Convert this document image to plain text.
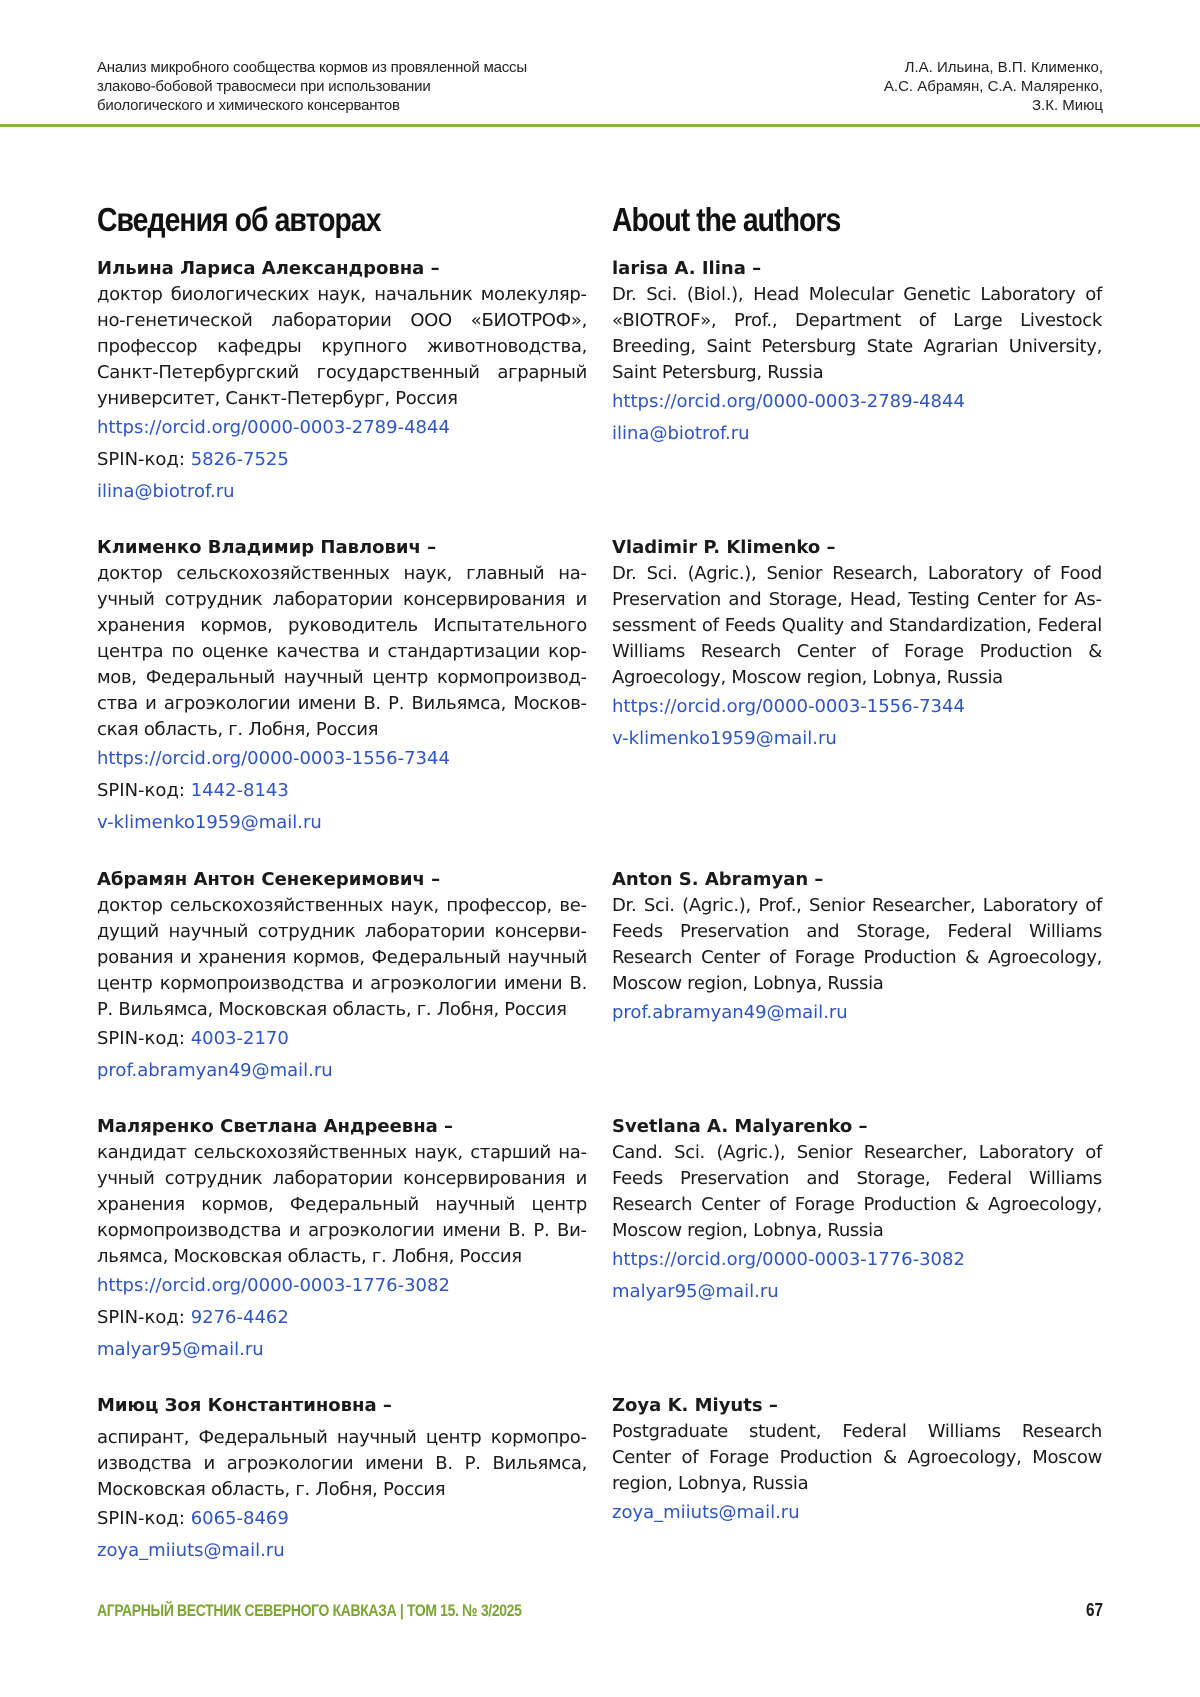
Анализ микробного сообщества кормов из провяленной массы
злаково-бобовой травосмеси при использовании
биологического и химического консервантов
Л.А. Ильина, В.П. Клименко,
А.С. Абрамян, С.А. Маляренко,
З.К. Миюц
Сведения об авторах
Ильина Лариса Александровна –

доктор биологических наук, начальник молекулярно-генетической лаборатории ООО «БИОТРОФ», профессор кафедры крупного животноводства, Санкт-Петербургский государственный аграрный университет, Санкт-Петербург, Россия

https://orcid.org/0000-0003-2789-4844
SPIN-код: 5826-7525
ilina@biotrof.ru
Клименко Владимир Павлович –

доктор сельскохозяйственных наук, главный научный сотрудник лаборатории консервирования и хранения кормов, руководитель Испытательного центра по оценке качества и стандартизации кормов, Федеральный научный центр кормопроизводства и агроэкологии имени В. Р. Вильямса, Московская область, г. Лобня, Россия

https://orcid.org/0000-0003-1556-7344
SPIN-код: 1442-8143
v-klimenko1959@mail.ru
Абрамян Антон Сенекеримович –

доктор сельскохозяйственных наук, профессор, ведущий научный сотрудник лаборатории консервирования и хранения кормов, Федеральный научный центр кормопроизводства и агроэкологии имени В. Р. Вильямса, Московская область, г. Лобня, Россия

SPIN-код: 4003-2170
prof.abramyan49@mail.ru
Маляренко Светлана Андреевна –

кандидат сельскохозяйственных наук, старший научный сотрудник лаборатории консервирования и хранения кормов, Федеральный научный центр кормопроизводства и агроэкологии имени В. Р. Вильямса, Московская область, г. Лобня, Россия

https://orcid.org/0000-0003-1776-3082
SPIN-код: 9276-4462
malyar95@mail.ru
Миюц Зоя Константиновна –

аспирант, Федеральный научный центр кормопроизводства и агроэкологии имени В. Р. Вильямса, Московская область, г. Лобня, Россия

SPIN-код: 6065-8469
zoya_miiuts@mail.ru
About the authors
larisa A. Ilina –

Dr. Sci. (Biol.), Head Molecular Genetic Laboratory of «BIOTROF», Prof., Department of Large Livestock Breeding, Saint Petersburg State Agrarian University, Saint Petersburg, Russia

https://orcid.org/0000-0003-2789-4844
ilina@biotrof.ru
Vladimir P. Klimenko –

Dr. Sci. (Agric.), Senior Research, Laboratory of Food Preservation and Storage, Head, Testing Center for Assessment of Feeds Quality and Standardization, Federal Williams Research Center of Forage Production & Agroecology, Moscow region, Lobnya, Russia

https://orcid.org/0000-0003-1556-7344
v-klimenko1959@mail.ru
Anton S. Abramyan –

Dr. Sci. (Agric.), Prof., Senior Researcher, Laboratory of Feeds Preservation and Storage, Federal Williams Research Center of Forage Production & Agroecology, Moscow region, Lobnya, Russia

prof.abramyan49@mail.ru
Svetlana A. Malyarenko –

Cand. Sci. (Agric.), Senior Researcher, Laboratory of Feeds Preservation and Storage, Federal Williams Research Center of Forage Production & Agroecology, Moscow region, Lobnya, Russia

https://orcid.org/0000-0003-1776-3082
malyar95@mail.ru
Zoya K. Miyuts –

Postgraduate student, Federal Williams Research Center of Forage Production & Agroecology, Moscow region, Lobnya, Russia

zoya_miiuts@mail.ru
АГРАРНЫЙ ВЕСТНИК СЕВЕРНОГО КАВКАЗА | ТОМ 15. № 3/2025	67
